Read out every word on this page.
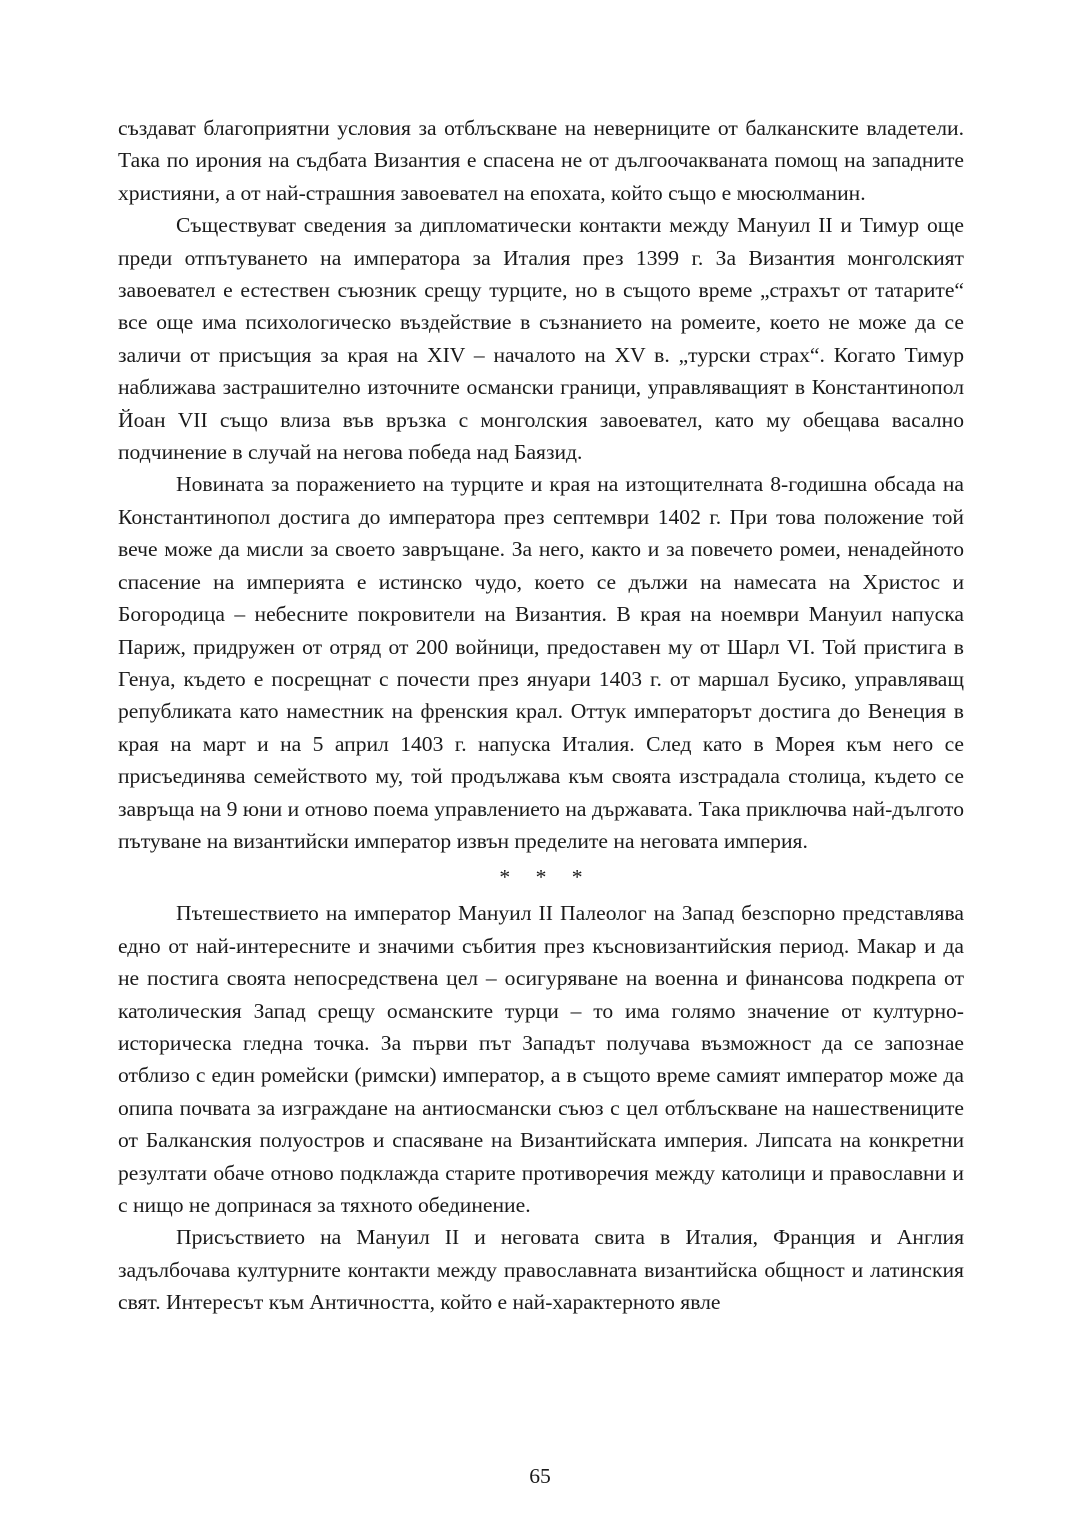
създават благоприятни условия за отблъскване на неверниците от балканските владетели. Така по ирония на съдбата Византия е спасена не от дългоочакваната помощ на западните християни, а от най-страшния завоевател на епохата, който също е мюсюлманин.

Съществуват сведения за дипломатически контакти между Мануил II и Тимур още преди отпътуването на императора за Италия през 1399 г. За Византия монголският завоевател е естествен съюзник срещу турците, но в същото време „страхът от татарите“ все още има психологическо въздействие в съзнанието на ромеите, което не може да се заличи от присъщия за края на XIV – началото на XV в. „турски страх“. Когато Тимур наближава застрашително източните османски граници, управляващият в Константинопол Йоан VII също влиза във връзка с монголския завоевател, като му обещава васално подчинение в случай на негова победа над Баязид.

Новината за поражението на турците и края на изтощителната 8-годишна обсада на Константинопол достига до императора през септември 1402 г. При това положение той вече може да мисли за своето завръщане. За него, както и за повечето ромеи, ненадейното спасение на империята е истинско чудо, което се дължи на намесата на Христос и Богородица – небесните покровители на Византия. В края на ноември Мануил напуска Париж, придружен от отряд от 200 войници, предоставен му от Шарл VI. Той пристига в Генуа, където е посрещнат с почести през януари 1403 г. от маршал Бусико, управляващ републиката като наместник на френския крал. Оттук императорът достига до Венеция в края на март и на 5 април 1403 г. напуска Италия. След като в Морея към него се присъединява семейството му, той продължава към своята изстрадала столица, където се завръща на 9 юни и отново поема управлението на държавата. Така приключва най-дългото пътуване на византийски император извън пределите на неговата империя.

* * *

Пътешествието на император Мануил II Палеолог на Запад безспорно представлява едно от най-интересните и значими събития през късновизантийския период. Макар и да не постига своята непосредствена цел – осигуряване на военна и финансова подкрепа от католическия Запад срещу османските турци – то има голямо значение от културно-историческа гледна точка. За първи път Западът получава възможност да се запознае отблизо с един ромейски (римски) император, а в същото време самият император може да опипа почвата за изграждане на антиосмански съюз с цел отблъскване на нашествениците от Балканския полуостров и спасяване на Византийската империя. Липсата на конкретни резултати обаче отново подклажда старите противоречия между католици и православни и с нищо не допринася за тяхното обединение.

Присъствието на Мануил II и неговата свита в Италия, Франция и Англия задълбочава културните контакти между православната византийска общност и латинския свят. Интересът към Античността, който е най-характерното явле

65
